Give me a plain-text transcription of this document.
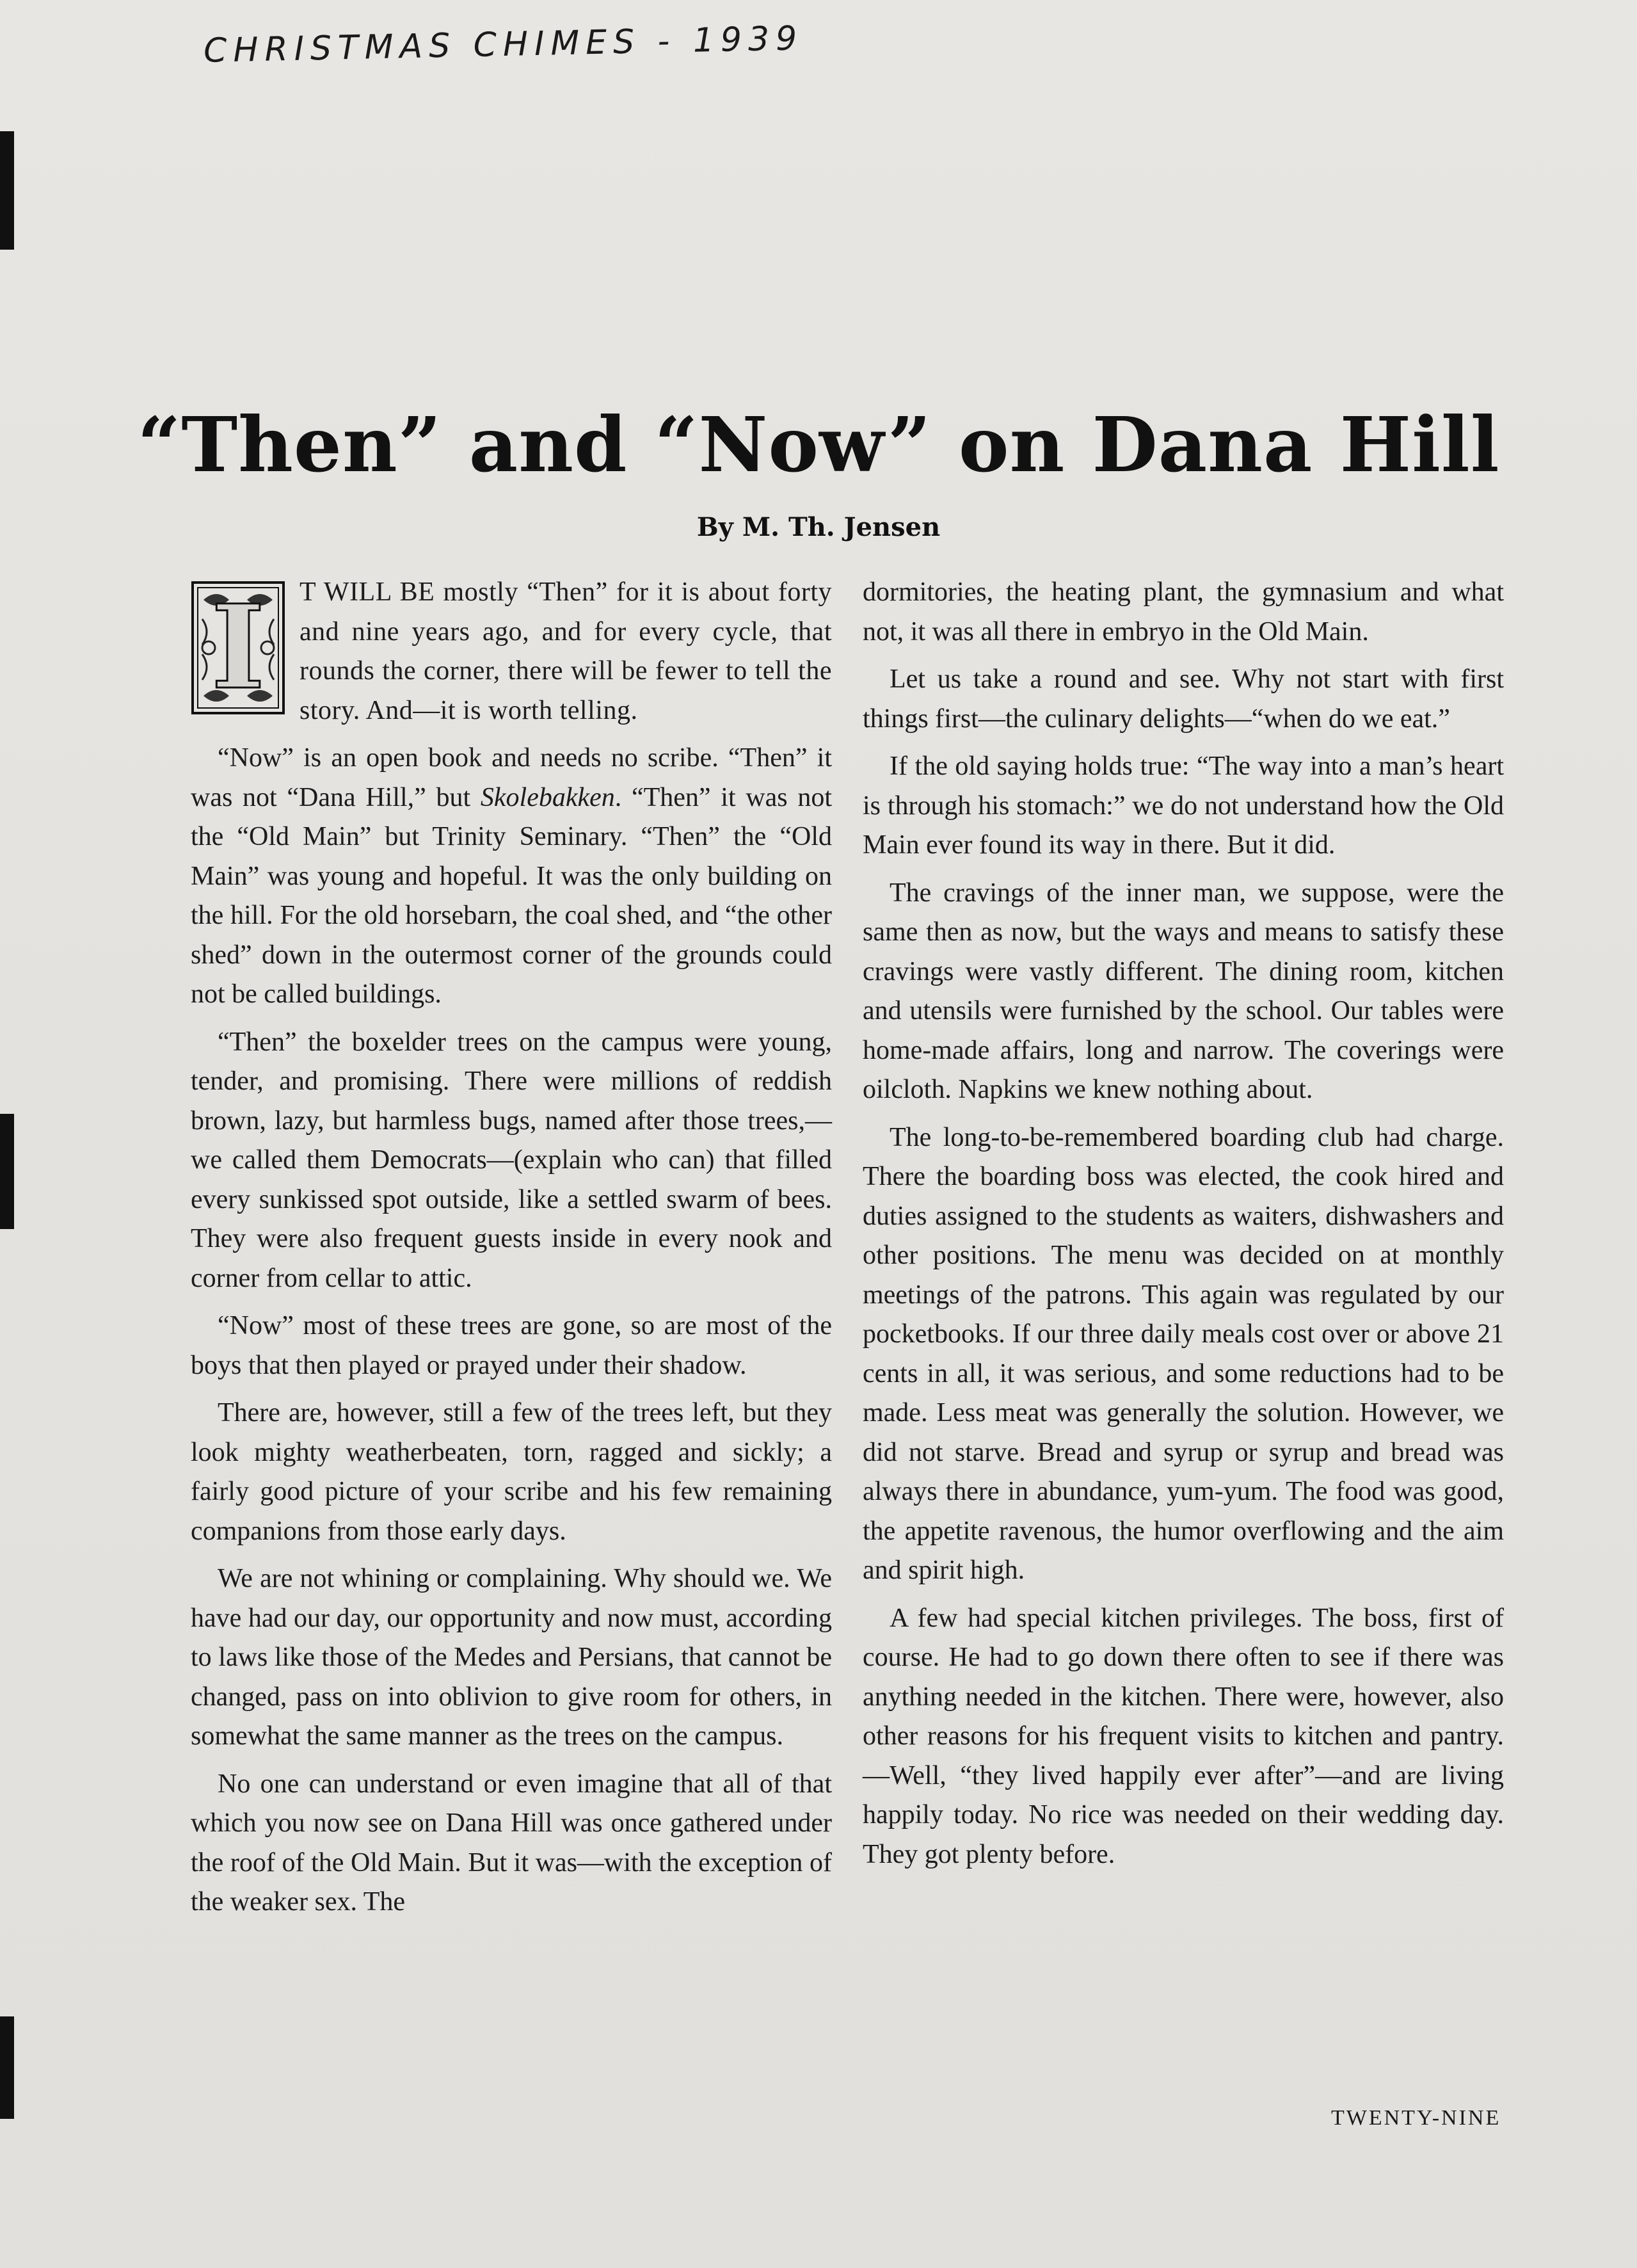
CHRISTMAS CHIMES - 1939
“Then” and “Now” on Dana Hill
By M. Th. Jensen

I	T WILL BE mostly “Then” for it is about forty and nine years ago, and for every cycle, that rounds the corner, there will be fewer to tell the story. And—it is worth telling.

“Now” is an open book and needs no scribe. “Then” it was not “Dana Hill,” but Skolebakken. “Then” it was not the “Old Main” but Trinity Seminary. “Then” the “Old Main” was young and hopeful. It was the only building on the hill. For the old horsebarn, the coal shed, and “the other shed” down in the outermost corner of the grounds could not be called buildings.

“Then” the boxelder trees on the campus were young, tender, and promising. There were millions of reddish brown, lazy, but harmless bugs, named after those trees,—we called them Democrats—(explain who can) that filled every sunkissed spot outside, like a settled swarm of bees. They were also frequent guests inside in every nook and corner from cellar to attic.

“Now” most of these trees are gone, so are most of the boys that then played or prayed under their shadow.

There are, however, still a few of the trees left, but they look mighty weatherbeaten, torn, ragged and sickly; a fairly good picture of your scribe and his few remaining companions from those early days.

We are not whining or complaining. Why should we. We have had our day, our opportunity and now must, according to laws like those of the Medes and Persians, that cannot be changed, pass on into oblivion to give room for others, in somewhat the same manner as the trees on the campus.

No one can understand or even imagine that all of that which you now see on Dana Hill was once gathered under the roof of the Old Main. But it was—with the exception of the weaker sex. The

dormitories, the heating plant, the gymnasium and what not, it was all there in embryo in the Old Main.

Let us take a round and see. Why not start with first things first—the culinary delights—“when do we eat.”

If the old saying holds true: “The way into a man’s heart is through his stomach:” we do not understand how the Old Main ever found its way in there. But it did.

The cravings of the inner man, we suppose, were the same then as now, but the ways and means to satisfy these cravings were vastly different. The dining room, kitchen and utensils were furnished by the school. Our tables were home-made affairs, long and narrow. The coverings were oilcloth. Napkins we knew nothing about.

The long-to-be-remembered boarding club had charge. There the boarding boss was elected, the cook hired and duties assigned to the students as waiters, dishwashers and other positions. The menu was decided on at monthly meetings of the patrons. This again was regulated by our pocketbooks. If our three daily meals cost over or above 21 cents in all, it was serious, and some reductions had to be made. Less meat was generally the solution. However, we did not starve. Bread and syrup or syrup and bread was always there in abundance, yum-yum. The food was good, the appetite ravenous, the humor overflowing and the aim and spirit high.

A few had special kitchen privileges. The boss, first of course. He had to go down there often to see if there was anything needed in the kitchen. There were, however, also other reasons for his frequent visits to kitchen and pantry.—Well, “they lived happily ever after”—and are living happily today. No rice was needed on their wedding day. They got plenty before.

TWENTY-NINE
